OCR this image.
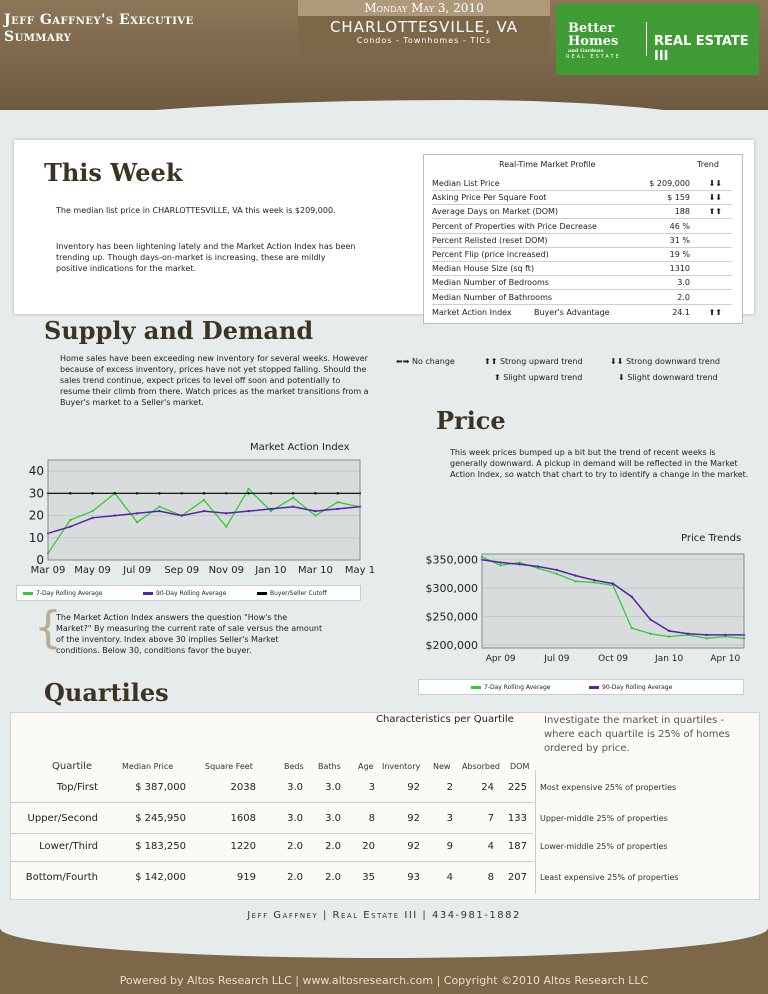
Jeff Gaffney's Executive
Summary
Monday May 3, 2010
CHARLOTTESVILLE, VA
Condos - Townhomes - TICs
Better
Homes
and Gardens
REAL ESTATE
REAL ESTATE III
This Week
The median list price in CHARLOTTESVILLE, VA this week is $209,000.
Inventory has been lightening lately and the Market Action Index has been trending up. Though days-on-market is increasing, these are mildly positive indications for the market.
Real-Time Market Profile	Trend
Median List Price	$ 209,000 ⬇⬇
Asking Price Per Square Foot	$ 159 ⬇⬇
Average Days on Market (DOM)	188 ⬆⬆
Percent of Properties with Price Decrease	46 %
Percent Relisted (reset DOM)	31 %
Percent Flip (price increased)	19 %
Median House Size (sq ft)	1310
Median Number of Bedrooms	3.0
Median Number of Bathrooms	2.0
Market Action Index	Buyer's Advantage	24.1 ⬆⬆
⬅➡ No change	⬆⬆ Strong upward trend	⬇⬇ Strong downward trend
⬆ Slight upward trend	⬇ Slight downward trend
Supply and Demand
Home sales have been exceeding new inventory for several weeks. However because of excess inventory, prices have not yet stopped falling. Should the sales trend continue, expect prices to level off soon and potentially to resume their climb from there. Watch prices as the market transitions from a Buyer's market to a Seller's market.
Price
This week prices bumped up a bit but the trend of recent weeks is generally downward. A pickup in demand will be reflected in the Market Action Index, so watch that chart to try to identify a change in the market.
Market Action Index
0
10
20
30
40
Mar 09 May 09 Jul 09 Sep 09 Nov 09 Jan 10 Mar 10 May 1
7-Day Rolling Average	90-Day Rolling Average	Buyer/Seller Cutoff
{
The Market Action Index answers the question "How's the Market?" By measuring the current rate of sale versus the amount of the inventory. Index above 30 implies Seller's Market conditions. Below 30, conditions favor the buyer.
Price Trends
$200,000
$250,000
$300,000
$350,000
Apr 09	Jul 09	Oct 09	Jan 10	Apr 10
7-Day Rolling Average	90-Day Rolling Average
Quartiles
Characteristics per Quartile	Investigate the market in quartiles - where each quartile is 25% of homes ordered by price.
Quartile	Median Price	Square Feet	Beds Baths Age Inventory New Absorbed DOM
Top/First	$ 387,000	2038	3.0	3.0	3	92	2	24	225 Most expensive 25% of properties
Upper/Second	$ 245,950	1608	3.0	3.0	8	92	3	7	133 Upper-middle 25% of properties
Lower/Third	$ 183,250	1220	2.0	2.0	20	92	9	4	187 Lower-middle 25% of properties
Bottom/Fourth	$ 142,000	919	2.0	2.0	35	93	4	8	207 Least expensive 25% of properties
Jeff Gaffney | Real Estate III | 434-981-1882
Powered by Altos Research LLC | www.altosresearch.com | Copyright ©2010 Altos Research LLC
